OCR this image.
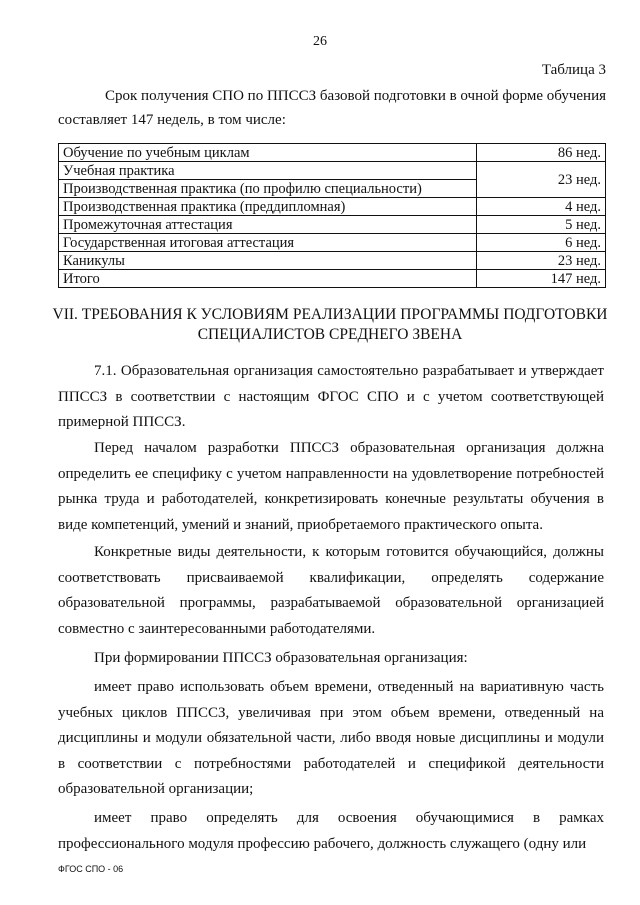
26
Таблица 3
Срок получения СПО по ППССЗ базовой подготовки в очной форме обучения
составляет 147 недель, в том числе:
Обучение по учебным циклам	86 нед.
Учебная практика	23 нед.
Производственная практика (по профилю специальности)	
Производственная практика (преддипломная)	4 нед.
Промежуточная аттестация	5 нед.
Государственная итоговая аттестация	6 нед.
Каникулы	23 нед.
Итого	147 нед.
VII. ТРЕБОВАНИЯ К УСЛОВИЯМ РЕАЛИЗАЦИИ ПРОГРАММЫ ПОДГОТОВКИ
СПЕЦИАЛИСТОВ СРЕДНЕГО ЗВЕНА
7.1. Образовательная организация самостоятельно разрабатывает и утверждает ППССЗ в соответствии с настоящим ФГОС СПО и с учетом соответствующей примерной ППССЗ.
Перед началом разработки ППССЗ образовательная организация должна определить ее специфику с учетом направленности на удовлетворение потребностей рынка труда и работодателей, конкретизировать конечные результаты обучения в виде компетенций, умений и знаний, приобретаемого практического опыта.
Конкретные виды деятельности, к которым готовится обучающийся, должны соответствовать присваиваемой квалификации, определять содержание образовательной программы, разрабатываемой образовательной организацией совместно с заинтересованными работодателями.
При формировании ППССЗ образовательная организация:
имеет право использовать объем времени, отведенный на вариативную часть учебных циклов ППССЗ, увеличивая при этом объем времени, отведенный на дисциплины и модули обязательной части, либо вводя новые дисциплины и модули в соответствии с потребностями работодателей и спецификой деятельности образовательной организации;
имеет право определять для освоения обучающимися в рамках профессионального модуля профессию рабочего, должность служащего (одну или
ФГОС СПО - 06
